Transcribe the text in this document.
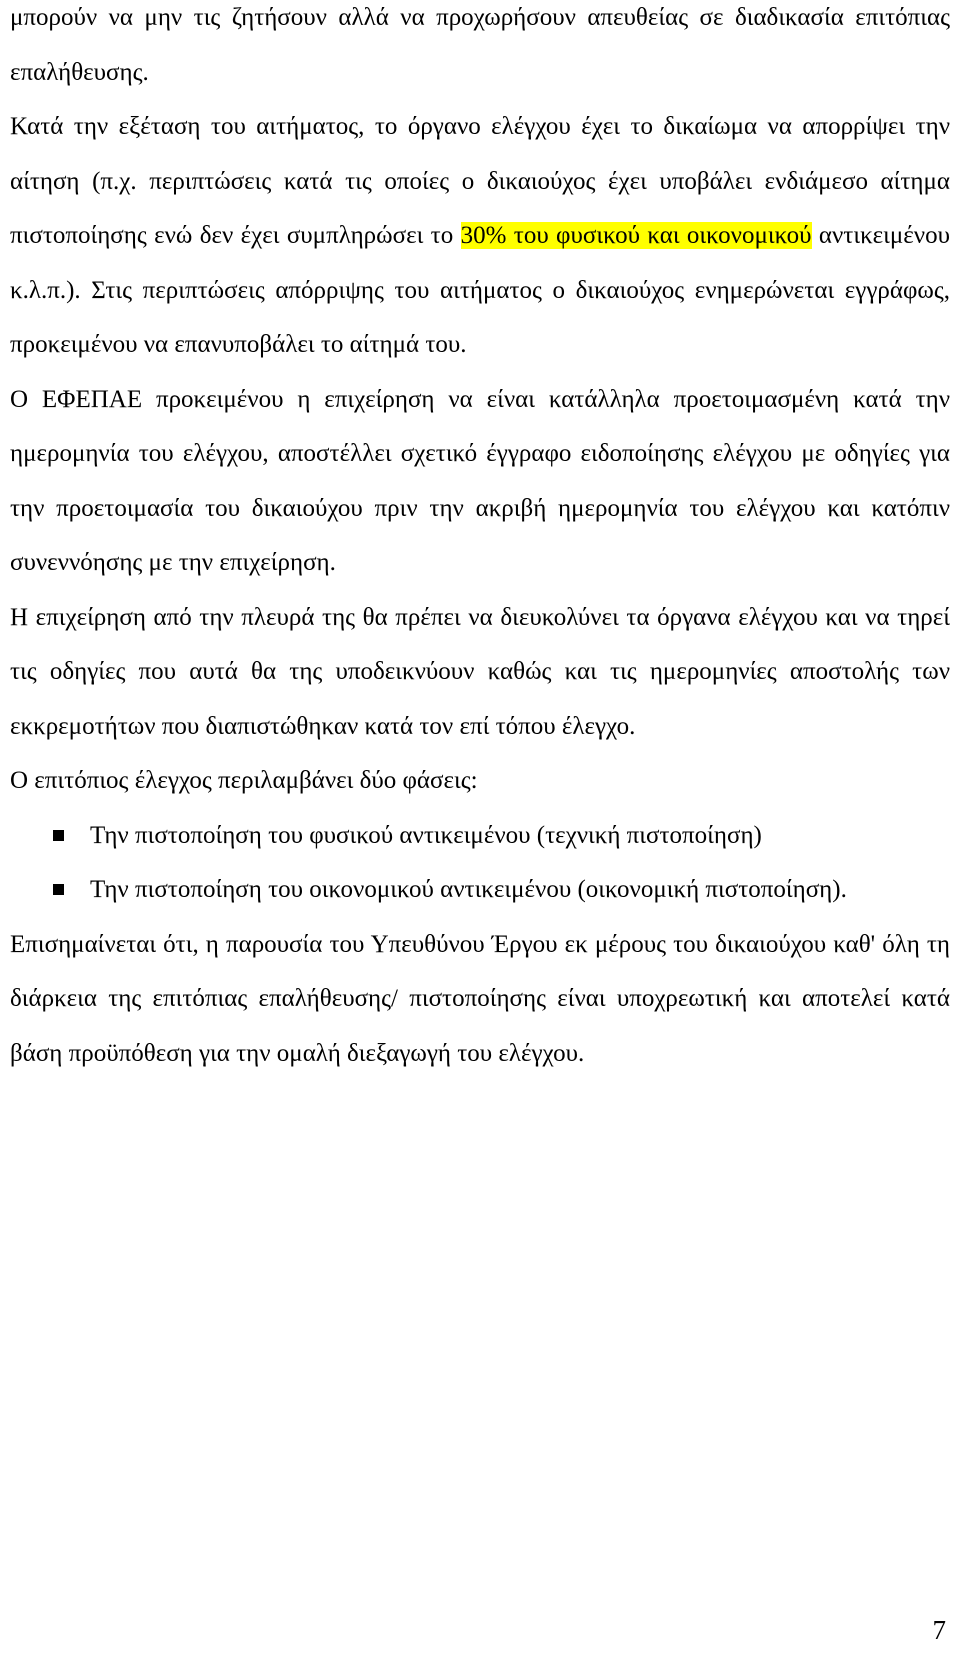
μπορούν να μην τις ζητήσουν αλλά να προχωρήσουν απευθείας σε διαδικασία επιτόπιας επαλήθευσης.

Κατά την εξέταση του αιτήματος, το όργανο ελέγχου έχει το δικαίωμα να απορρίψει την αίτηση (π.χ. περιπτώσεις κατά τις οποίες ο δικαιούχος έχει υποβάλει ενδιάμεσο αίτημα πιστοποίησης ενώ δεν έχει συμπληρώσει το 30% του φυσικού και οικονομικού αντικειμένου κ.λ.π.). Στις περιπτώσεις απόρριψης του αιτήματος ο δικαιούχος ενημερώνεται εγγράφως, προκειμένου να επανυποβάλει το αίτημά του.

Ο ΕΦΕΠΑΕ προκειμένου η επιχείρηση να είναι κατάλληλα προετοιμασμένη κατά την ημερομηνία του ελέγχου, αποστέλλει σχετικό έγγραφο ειδοποίησης ελέγχου με οδηγίες για την προετοιμασία του δικαιούχου πριν την ακριβή ημερομηνία του ελέγχου και κατόπιν συνεννόησης με την επιχείρηση.

Η επιχείρηση από την πλευρά της θα πρέπει να διευκολύνει τα όργανα ελέγχου και να τηρεί τις οδηγίες που αυτά θα της υποδεικνύουν καθώς και τις ημερομηνίες αποστολής των εκκρεμοτήτων που διαπιστώθηκαν κατά τον επί τόπου έλεγχο.

Ο επιτόπιος έλεγχος περιλαμβάνει δύο φάσεις:

Την πιστοποίηση του φυσικού αντικειμένου (τεχνική πιστοποίηση)
Την πιστοποίηση του οικονομικού αντικειμένου (οικονομική πιστοποίηση).

Επισημαίνεται ότι, η παρουσία του Υπευθύνου Έργου εκ μέρους του δικαιούχου καθ' όλη τη διάρκεια της επιτόπιας επαλήθευσης/ πιστοποίησης είναι υποχρεωτική και αποτελεί κατά βάση προϋπόθεση για την ομαλή διεξαγωγή του ελέγχου.

7
